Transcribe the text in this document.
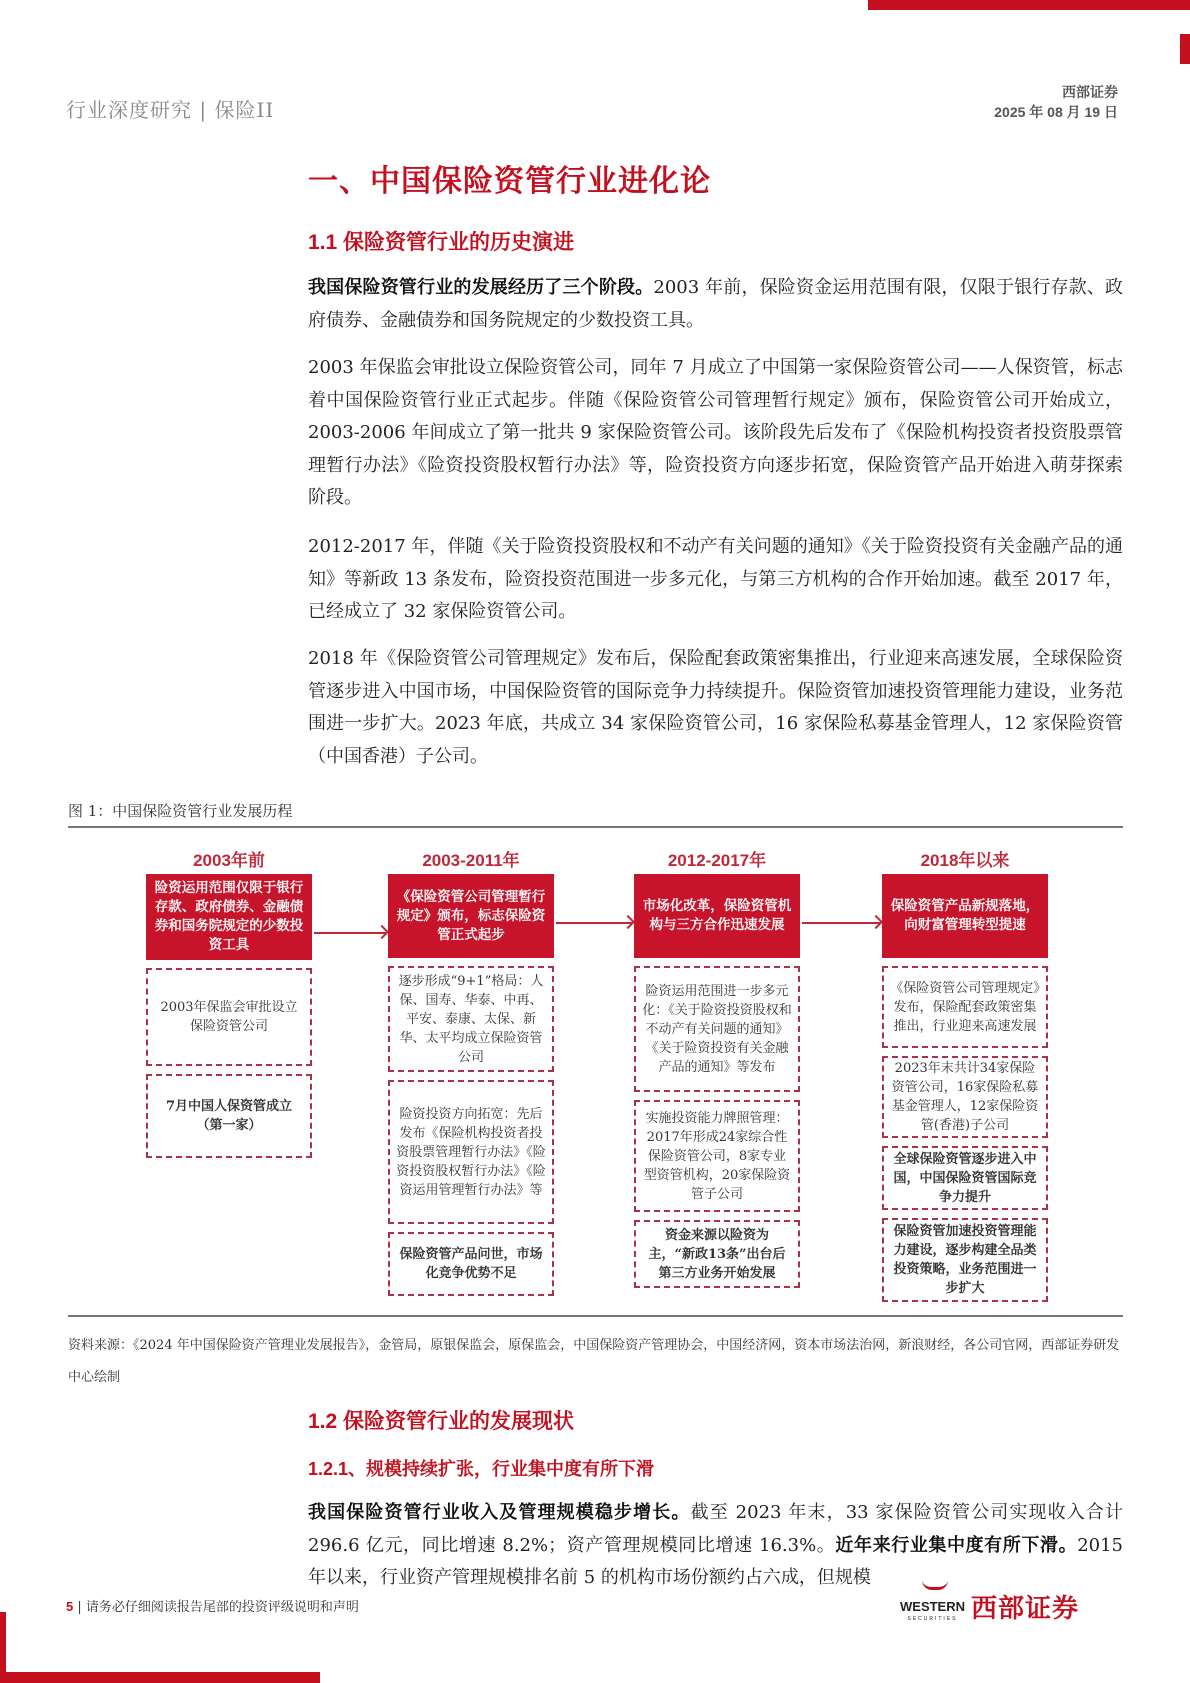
行业深度研究 | 保险II
西部证券
2025 年 08 月 19 日
一、中国保险资管行业进化论
1.1 保险资管行业的历史演进

我国保险资管行业的发展经历了三个阶段。2003 年前，保险资金运用范围有限，仅限于银行存款、政府债券、金融债券和国务院规定的少数投资工具。

2003 年保监会审批设立保险资管公司，同年 7 月成立了中国第一家保险资管公司——人保资管，标志着中国保险资管行业正式起步。伴随《保险资管公司管理暂行规定》颁布，保险资管公司开始成立，2003-2006 年间成立了第一批共 9 家保险资管公司。该阶段先后发布了《保险机构投资者投资股票管理暂行办法》《险资投资股权暂行办法》等，险资投资方向逐步拓宽，保险资管产品开始进入萌芽探索阶段。

2012-2017 年，伴随《关于险资投资股权和不动产有关问题的通知》《关于险资投资有关金融产品的通知》等新政 13 条发布，险资投资范围进一步多元化，与第三方机构的合作开始加速。截至 2017 年，已经成立了 32 家保险资管公司。

2018 年《保险资管公司管理规定》发布后，保险配套政策密集推出，行业迎来高速发展，全球保险资管逐步进入中国市场，中国保险资管的国际竞争力持续提升。保险资管加速投资管理能力建设，业务范围进一步扩大。2023 年底，共成立 34 家保险资管公司，16 家保险私募基金管理人，12 家保险资管（中国香港）子公司。

图 1：中国保险资管行业发展历程
2003年前
险资运用范围仅限于银行存款、政府债券、金融债券和国务院规定的少数投资工具
2003年保监会审批设立保险资管公司
7月中国人保资管成立（第一家）
2003-2011年
《保险资管公司管理暂行规定》颁布，标志保险资管正式起步
逐步形成“9+1”格局：人保、国寿、华泰、中再、平安、泰康、太保、新华、太平均成立保险资管公司
险资投资方向拓宽：先后发布《保险机构投资者投资股票管理暂行办法》《险资投资股权暂行办法》《险资运用管理暂行办法》等
保险资管产品问世，市场化竞争优势不足
2012-2017年
市场化改革，保险资管机构与三方合作迅速发展
险资运用范围进一步多元化：《关于险资投资股权和不动产有关问题的通知》《关于险资投资有关金融产品的通知》等发布
实施投资能力牌照管理：2017年形成24家综合性保险资管公司，8家专业型资管机构，20家保险资管子公司
资金来源以险资为主，“新政13条”出台后第三方业务开始发展
2018年以来
保险资管产品新规落地，向财富管理转型提速
《保险资管公司管理规定》发布，保险配套政策密集推出，行业迎来高速发展
2023年末共计34家保险资管公司，16家保险私募基金管理人，12家保险资管(香港)子公司
全球保险资管逐步进入中国，中国保险资管国际竞争力提升
保险资管加速投资管理能力建设，逐步构建全品类投资策略，业务范围进一步扩大
资料来源：《2024 年中国保险资产管理业发展报告》，金管局，原银保监会，原保监会，中国保险资产管理协会，中国经济网，资本市场法治网，新浪财经，各公司官网，西部证券研发中心绘制
1.2 保险资管行业的发展现状
1.2.1、规模持续扩张，行业集中度有所下滑

我国保险资管行业收入及管理规模稳步增长。截至 2023 年末，33 家保险资管公司实现收入合计 296.6 亿元，同比增速 8.2%；资产管理规模同比增速 16.3%。近年来行业集中度有所下滑。2015 年以来，行业资产管理规模排名前 5 的机构市场份额约占六成，但规模

5 | 请务必仔细阅读报告尾部的投资评级说明和声明	WESTERN
SECURITIES 西部证券
